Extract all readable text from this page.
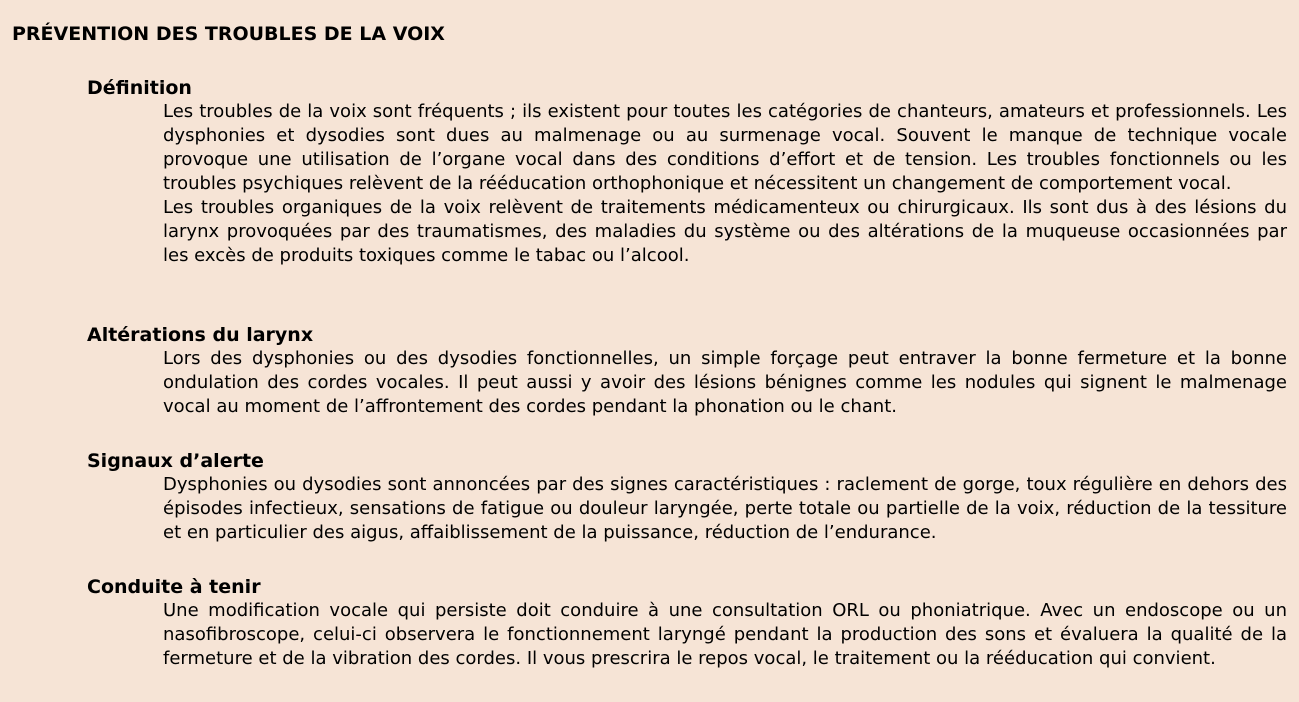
PRÉVENTION DES TROUBLES DE LA VOIX
Définition

Les troubles de la voix sont fréquents ; ils existent pour toutes les catégories de chanteurs, amateurs et professionnels. Les dysphonies et dysodies sont dues au malmenage ou au surmenage vocal. Souvent le manque de technique vocale provoque une utilisation de l’organe vocal dans des conditions d’effort et de tension. Les troubles fonctionnels ou les troubles psychiques relèvent de la rééducation orthophonique et nécessitent un changement de comportement vocal.

Les troubles organiques de la voix relèvent de traitements médicamenteux ou chirurgicaux. Ils sont dus à des lésions du larynx provoquées par des traumatismes, des maladies du système ou des altérations de la muqueuse occasionnées par les excès de produits toxiques comme le tabac ou l’alcool.

Altérations du larynx

Lors des dysphonies ou des dysodies fonctionnelles, un simple forçage peut entraver la bonne fermeture et la bonne ondulation des cordes vocales. Il peut aussi y avoir des lésions bénignes comme les nodules qui signent le malmenage vocal au moment de l’affrontement des cordes pendant la phonation ou le chant.

Signaux d’alerte

Dysphonies ou dysodies sont annoncées par des signes caractéristiques : raclement de gorge, toux régulière en dehors des épisodes infectieux, sensations de fatigue ou douleur laryngée, perte totale ou partielle de la voix, réduction de la tessiture et en particulier des aigus, affaiblissement de la puissance, réduction de l’endurance.

Conduite à tenir

Une modification vocale qui persiste doit conduire à une consultation ORL ou phoniatrique. Avec un endoscope ou un nasofibroscope, celui-ci observera le fonctionnement laryngé pendant la production des sons et évaluera la qualité de la fermeture et de la vibration des cordes. Il vous prescrira le repos vocal, le traitement ou la rééducation qui convient.
